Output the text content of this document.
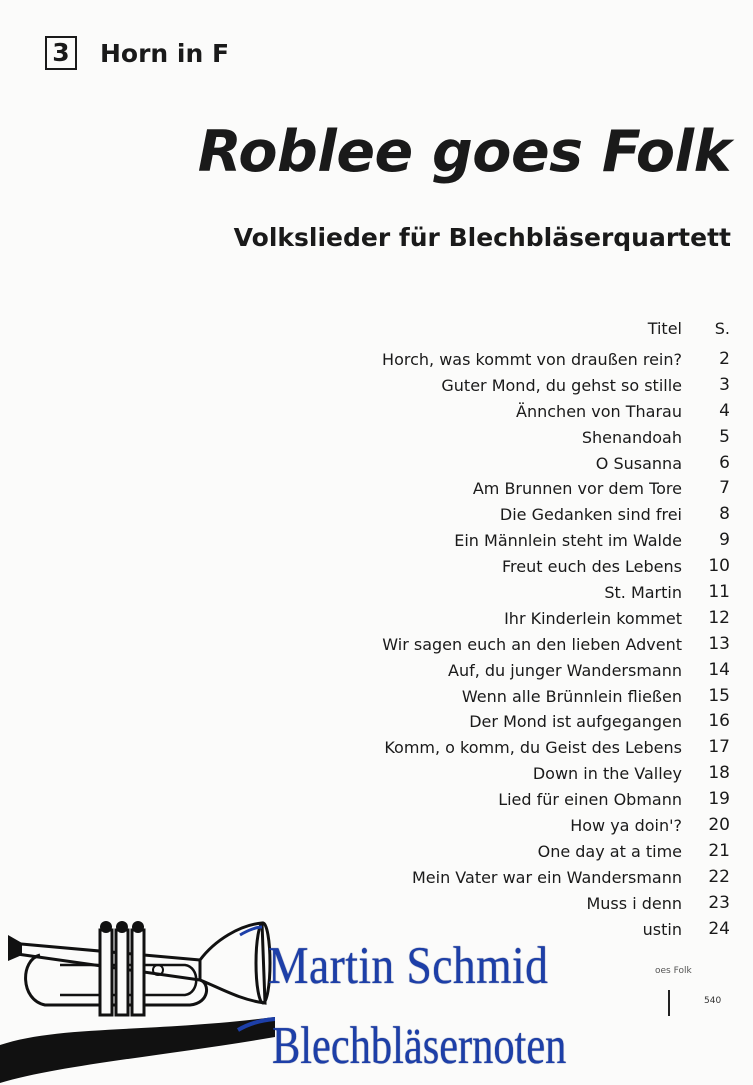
3 Horn in F
Roblee goes Folk
Volkslieder für Blechbläserquartett
Titel	S.
Horch, was kommt von draußen rein?	2
Guter Mond, du gehst so stille	3
Ännchen von Tharau	4
Shenandoah	5
O Susanna	6
Am Brunnen vor dem Tore	7
Die Gedanken sind frei	8
Ein Männlein steht im Walde	9
Freut euch des Lebens	10
St. Martin	11
Ihr Kinderlein kommet	12
Wir sagen euch an den lieben Advent	13
Auf, du junger Wandersmann	14
Wenn alle Brünnlein fließen	15
Der Mond ist aufgegangen	16
Komm, o komm, du Geist des Lebens	17
Down in the Valley	18
Lied für einen Obmann	19
How ya doin'?	20
One day at a time	21
Mein Vater war ein Wandersmann	22
Muss i denn	23
ustin	24
Martin Schmid
Blechbläsernoten
oes Folk
540
